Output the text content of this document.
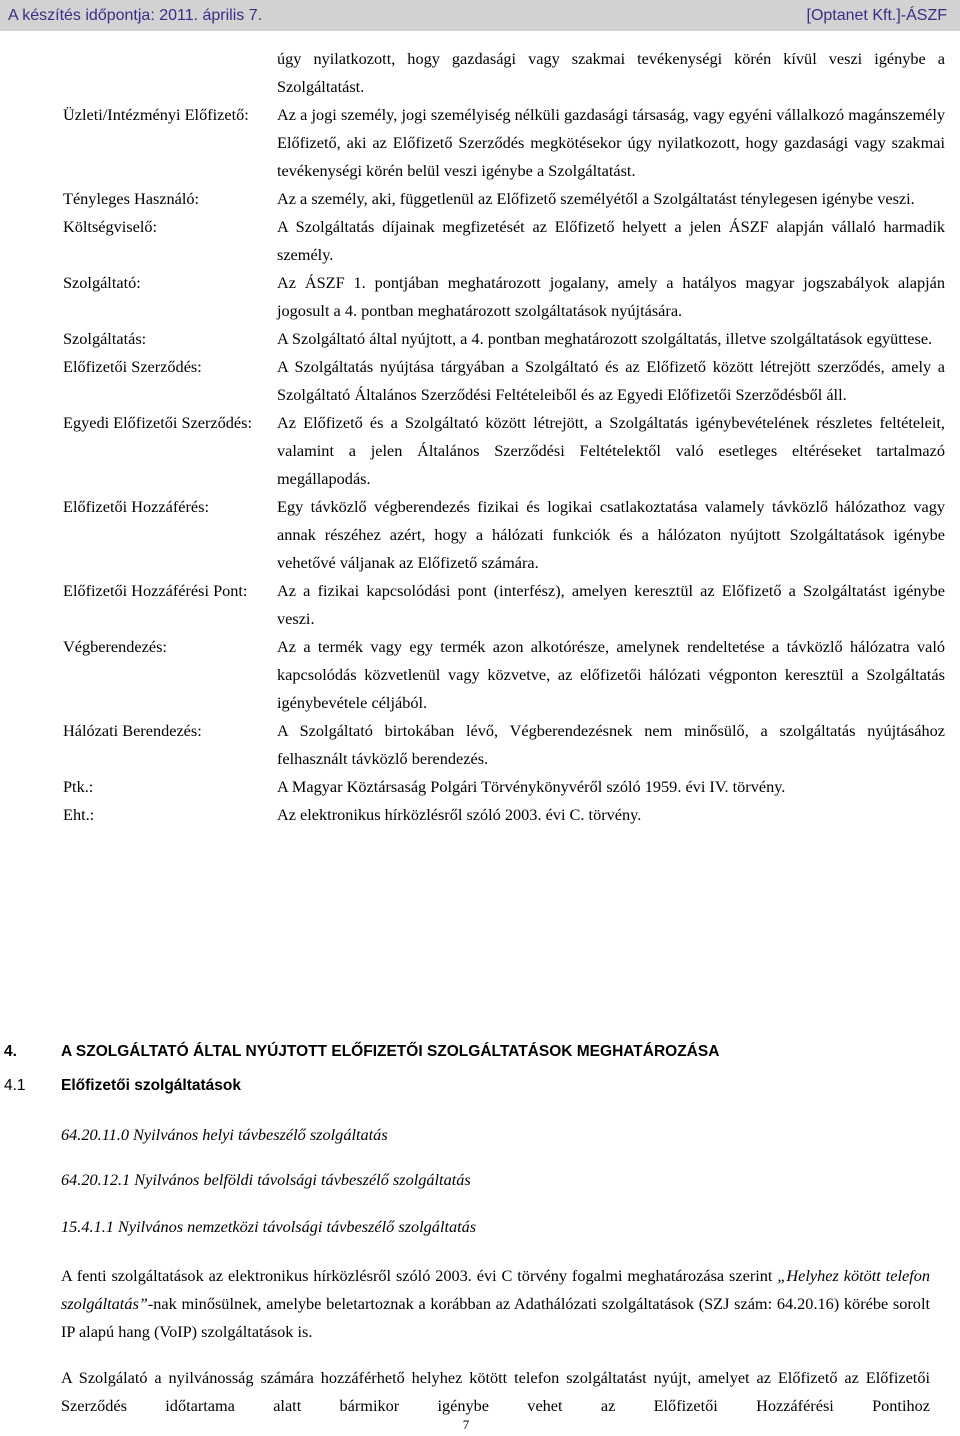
A készítés időpontja: 2011. április 7.	[Optanet Kft.]-ÁSZF
úgy nyilatkozott, hogy gazdasági vagy szakmai tevékenységi körén kívül veszi igénybe a Szolgáltatást.
Üzleti/Intézményi Előfizető:	Az a jogi személy, jogi személyiség nélküli gazdasági társaság, vagy egyéni vállalkozó magánszemély Előfizető, aki az Előfizető Szerződés megkötésekor úgy nyilatkozott, hogy gazdasági vagy szakmai tevékenységi körén belül veszi igénybe a Szolgáltatást.
Tényleges Használó:	Az a személy, aki, függetlenül az Előfizető személyétől a Szolgáltatást ténylegesen igénybe veszi.
Költségviselő:	A Szolgáltatás díjainak megfizetését az Előfizető helyett a jelen ÁSZF alapján vállaló harmadik személy.
Szolgáltató:	Az ÁSZF 1. pontjában meghatározott jogalany, amely a hatályos magyar jogszabályok alapján jogosult a 4. pontban meghatározott szolgáltatások nyújtására.
Szolgáltatás:	A Szolgáltató által nyújtott, a 4. pontban meghatározott szolgáltatás, illetve szolgáltatások együttese.
Előfizetői Szerződés:	A Szolgáltatás nyújtása tárgyában a Szolgáltató és az Előfizető között létrejött szerződés, amely a Szolgáltató Általános Szerződési Feltételeiből és az Egyedi Előfizetői Szerződésből áll.
Egyedi Előfizetői Szerződés: Az Előfizető és a Szolgáltató között létrejött, a Szolgáltatás igénybevételének részletes feltételeit, valamint a jelen Általános Szerződési Feltételektől való esetleges eltéréseket tartalmazó megállapodás.
Előfizetői Hozzáférés:	Egy távközlő végberendezés fizikai és logikai csatlakoztatása valamely távközlő hálózathoz vagy annak részéhez azért, hogy a hálózati funkciók és a hálózaton nyújtott Szolgáltatások igénybe vehetővé váljanak az Előfizető számára.
Előfizetői Hozzáférési Pont:	Az a fizikai kapcsolódási pont (interfész), amelyen keresztül az Előfizető a Szolgáltatást igénybe veszi.
Végberendezés:	Az a termék vagy egy termék azon alkotórésze, amelynek rendeltetése a távközlő hálózatra való kapcsolódás közvetlenül vagy közvetve, az előfizetői hálózati végponton keresztül a Szolgáltatás igénybevétele céljából.
Hálózati Berendezés:	A Szolgáltató birtokában lévő, Végberendezésnek nem minősülő, a szolgáltatás nyújtásához felhasznált távközlő berendezés.
Ptk.:	A Magyar Köztársaság Polgári Törvénykönyvéről szóló 1959. évi IV. törvény.
Eht.:	Az elektronikus hírközlésről szóló 2003. évi C. törvény.
4.	A SZOLGÁLTATÓ ÁLTAL NYÚJTOTT ELŐFIZETŐI SZOLGÁLTATÁSOK MEGHATÁROZÁSA
4.1 Előfizetői szolgáltatások
64.20.11.0 Nyilvános helyi távbeszélő szolgáltatás
64.20.12.1 Nyilvános belföldi távolsági távbeszélő szolgáltatás
15.4.1.1 Nyilvános nemzetközi távolsági távbeszélő szolgáltatás
A fenti szolgáltatások az elektronikus hírközlésről szóló 2003. évi C törvény fogalmi meghatározása szerint „Helyhez kötött telefon szolgáltatás”-nak minősülnek, amelybe beletartoznak a korábban az Adathálózati szolgáltatások (SZJ szám: 64.20.16) körébe sorolt IP alapú hang (VoIP) szolgáltatások is.
A Szolgálató a nyilvánosság számára hozzáférhető helyhez kötött telefon szolgáltatást nyújt, amelyet az Előfizető az Előfizetői Szerződés időtartama alatt bármikor igénybe vehet az Előfizetői Hozzáférési Pontihoz
7
